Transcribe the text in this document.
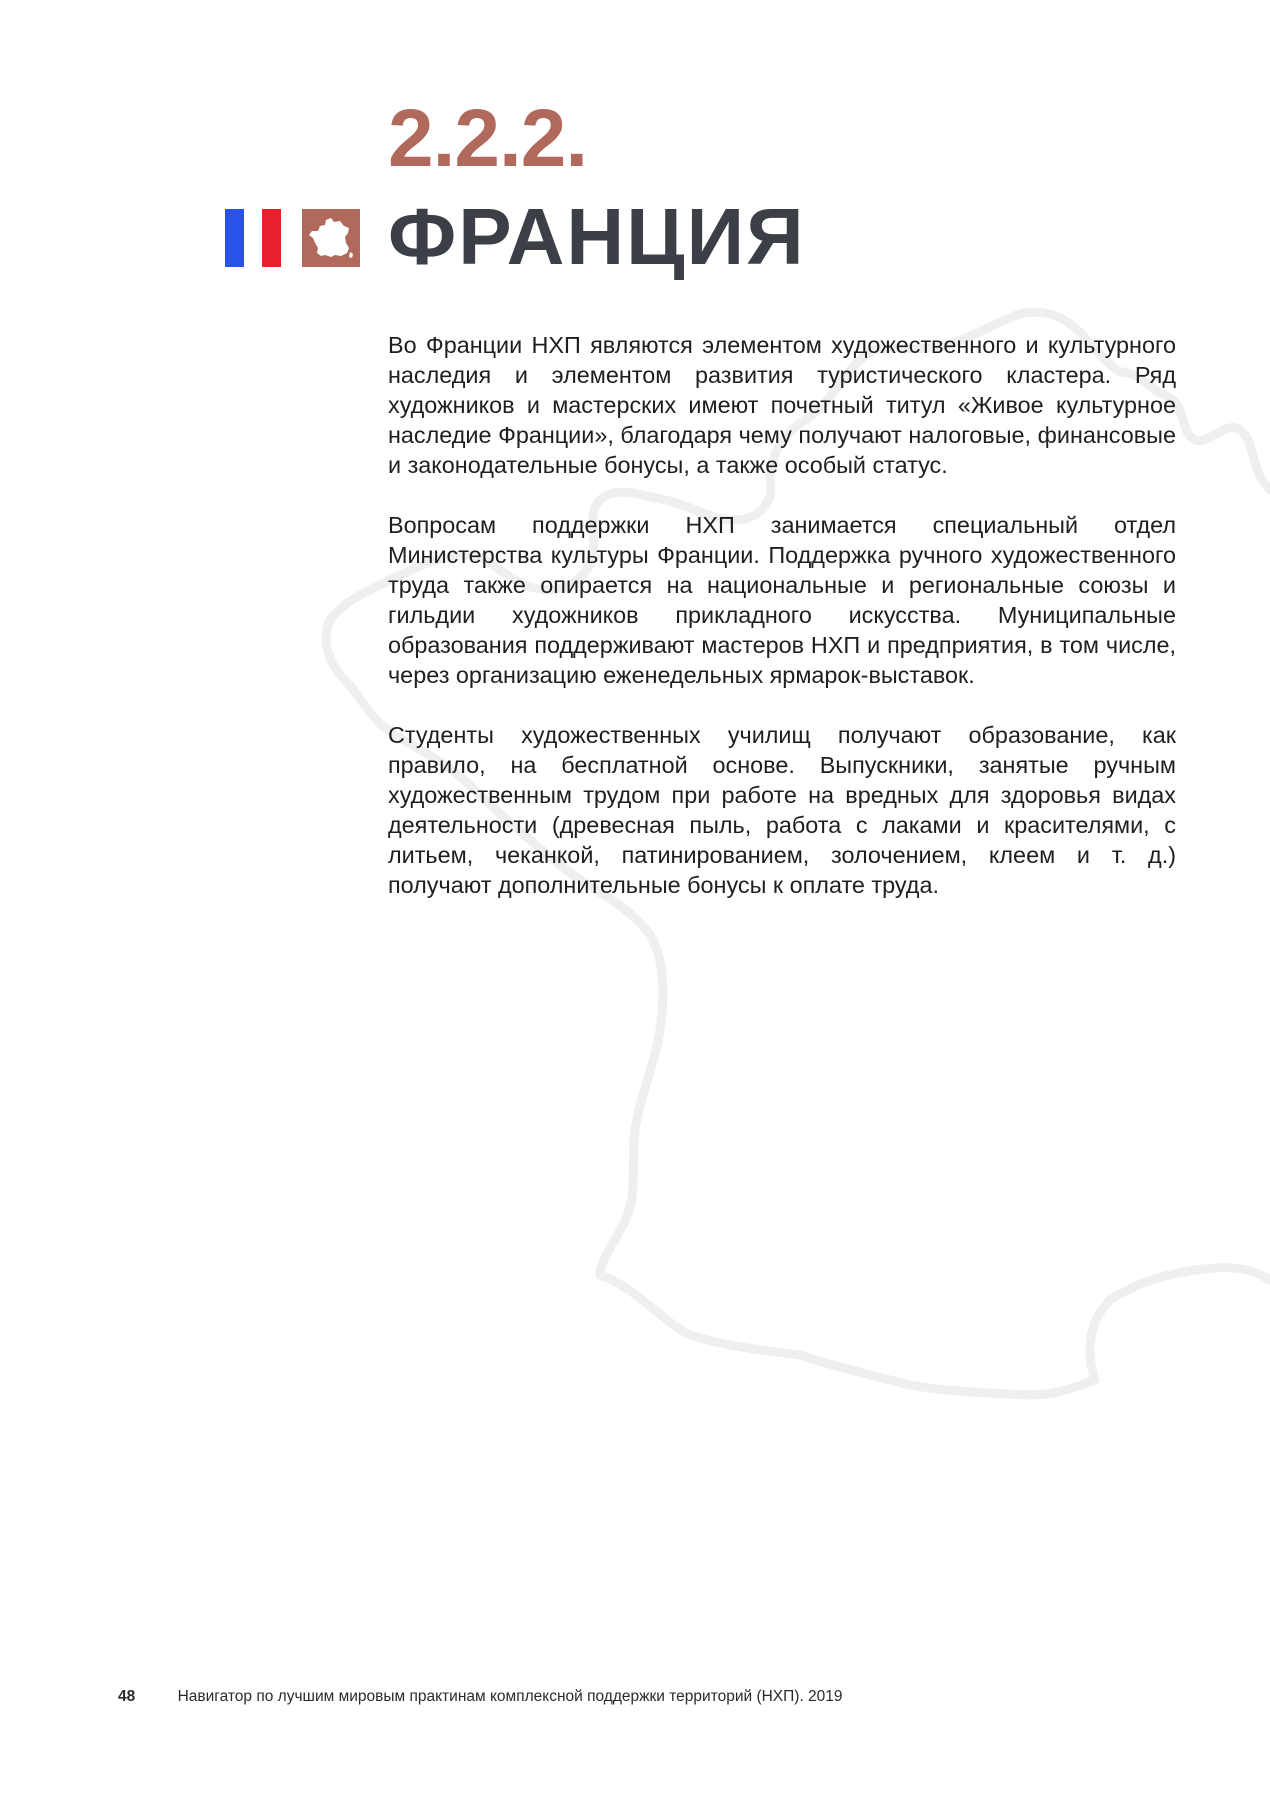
2.2.2.
ФРАНЦИЯ

Во Франции НХП являются элементом художественного и культурного наследия и элементом развития туристического кластера. Ряд художников и мастерских имеют почетный титул «Живое культурное наследие Франции», благодаря чему получают налоговые, финансовые и законодательные бонусы, а также особый статус.

Вопросам поддержки НХП занимается специальный отдел Министерства культуры Франции. Поддержка ручного художественного труда также опирается на национальные и региональные союзы и гильдии художников прикладного искусства. Муниципальные образования поддерживают мастеров НХП и предприятия, в том числе, через организацию еженедельных ярмарок-выставок.

Студенты художественных училищ получают образование, как правило, на бесплатной основе. Выпускники, занятые ручным художественным трудом при работе на вредных для здоровья видах деятельности (древесная пыль, работа с лаками и красителями, с литьем, чеканкой, патинированием, золочением, клеем и т. д.) получают дополнительные бонусы к оплате труда.

48	Навигатор по лучшим мировым практинам комплексной поддержки территорий (НХП). 2019
